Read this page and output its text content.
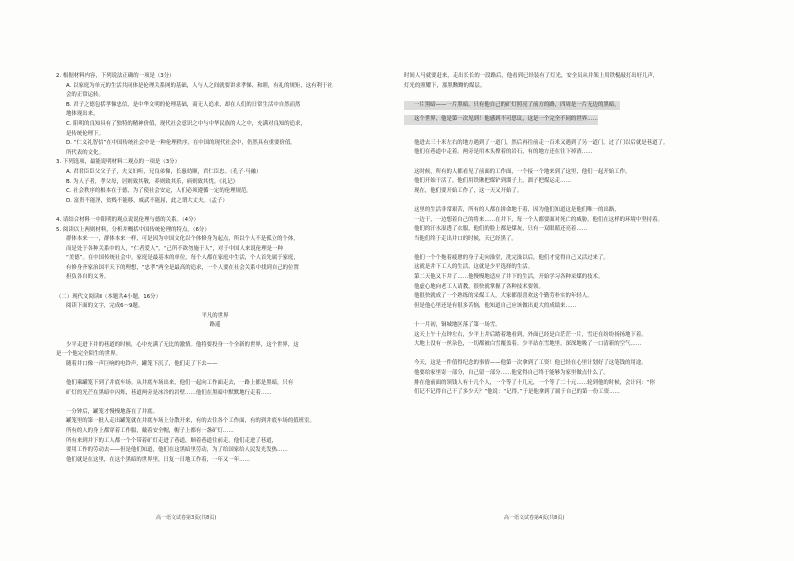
2. 根据材料内容，下列说法正确的一项是（3分）

A. 以家庭为单元的生活共同体是伦理关系网的基础，人与人之间就要讲求孝悌、和睦，有礼的规矩，这有利于社

会的正常运转。

B. 君子之德包括孝悌忠信，是中华文明的伦理基础，商无人追求，却在人们的日常生活中自然而然

地体现出来。

C. 阳明的良知具有了独特的精神价值，现代社会意识之中与中华民族的人之中，充满对良知的追求，

是传统伦理下。

D. “仁义礼智信”在中国传统社会中是一种伦理秩序，在中国的现代社会中，仍然具有重要价值。

所代表的文化。

3. 下列选项，最能说明材料二观点的一项是（3分）

A. 君君臣臣父父子子，夫义妇听，兄良弟悌，长惠幼顺，君仁臣忠。（孔子·马融）

B. 为人子者，孝父母，居则致其敬，养则致其乐，病则致其忧。《礼记》

C. 社会秩序的根本在于德，为了使社会安定，人们必须遵循一定的伦理规范。

D. 富贵不能淫，贫贱不能移，威武不能屈，此之谓大丈夫。（孟子）

4. 请结合材料一中阳明的观点说说伦理与德的关系。（4分）

5. 阅读以上两则材料，分析并概括中国传统伦理的特点。（6分）

群体本来一一，群体本来一样，可是因为中国文化以个体修身为起点，所以个人不是孤立的个体，

而是处于各种关系中的人，“仁者爱人”，“己所不欲勿施于人”，对于中国人来说伦理是一种

“美德”。在中国传统社会中，家庭是最基本的单位，每个人都在家庭中生活，个人首先属于家庭，

有修身齐家治国平天下的理想，“忠孝”两全是最高的追求，一个人要在社会关系中找到自己的位置

担负各自的义务。

（二）现代文阅读Ⅱ（本题共4小题，16分）

阅读下面的文字，完成6～9题。

平凡的世界

路遥

少平走进下井的巷道的时候，心中充满了无比的激情。他将要投身一个全新的世界，这个世界，这

是一个他完全陌生的世界。

随着井口像一声巨响的电铃声，罐笼下沉了，他们走了下去——

他们乘罐笼下到了井底车场。从井底车场出来，他们一起向工作面走去，一路上都是黑暗，只有

矿灯的光芒在黑暗中闪烁，巷道两旁是冰冷的岩壁……他们在黑暗中默默地行走着……

一分钟后，罐笼才慢慢地落在了井底。

罐笼里的第一批人走出罐笼就在井底车场上分散开来，有的去往各个工作面，有的到井底车场的值班室。

所有的人的身上都穿着工作服，戴着安全帽，帽子上都有一盏矿灯……

所有来到井下的工人都一个个带着矿灯走进了巷道，顺着巷道往前走。他们走进了巷道，

要用工作的劳动去——但是他们知道，他们在这黑暗里劳动，为了给国家给人民发光发热……

他们就是在这里，在这个黑暗的世界里，日复一日地工作着，一年又一年……

时间人马就要赶来，走出长长的一段路后，他看到已经装有了灯光，安全员从井架上用铁棍敲打出好几声，

灯光的照耀下，那黑黝黝的煤层。

一片黑暗——一片黑暗。只有他自己的矿灯照亮了前方的路，四周是一片无边的黑暗。

这个世界，他是第一次见到！他感到不可思议，这是一个完全不同的世界……

他进去三十米左右的地方遇到了一道门，然后再往前走一百米又遇到了另一道门。过了门以后就是巷道了。

他们在巷道中走着。两旁是用木头撑着的岩石，有的地方还在往下掉渣……

这时候，所有的人都看见了前面的工作面，一个接一个地来到了这里，他们一起开始工作。

他们开始干活了。他们用铁锹把煤铲到溜子上，溜子把煤运走……

现在，他们要开始工作了，这一天又开始了。

这里的生活非常艰苦，所有的人都在拼命地干着，因为他们知道这是他们唯一的出路，

一边干，一边想着自己的将来……在井下，每一个人都要面对死亡的威胁，他们在这样的环境中坚持着。

他们的汗水湿透了衣服，他们的脸上都是煤灰，只有一双眼睛还亮着……

当他们终于走出井口的时候，天已经黑了。

他们一个个拖着疲惫的身子走向澡堂，洗完澡以后，他们才觉得自己又活过来了。

这就是井下工人的生活，这就是少平选择的生活。

第二天他又下井了……他慢慢地适应了井下的生活，开始学习各种采煤的技术。

他虚心地向老工人请教，很快就掌握了各种技术要领。

他很快就成了一个熟练的采煤工人，大家都很喜欢这个勤劳朴实的年轻人。

但是他心里还是有很多苦恼，他知道自己应该做出更大的成绩来……

十一月初，铜城地区落了第一场雪。

这天上午十点钟左右，少平上井后踏着地看到，外面已经是白茫茫一片，雪还在纷纷扬扬地下着。

大地上没有一丝杂色，一切都被白雪覆盖着。少平站在雪地里，深深地吸了一口清新的空气……

今天，这是一件值得纪念的事情——他第一次拿到了工资！他已经在心里计划好了这笔钱的用途。

他要给家里寄一部分，自己留一部分……他觉得自己终于能够为家里做点什么了。

排在他前面的领钱人有十几个人，一个等了十几元，一个等了二十元……轮到他的时候，会计问：“你

们记不记得自己干了多少天？”他说：“记得。”于是他拿到了属于自己的第一份工资……

高一语文试卷第3页(共8页)	高一语文试卷第4页(共8页)
